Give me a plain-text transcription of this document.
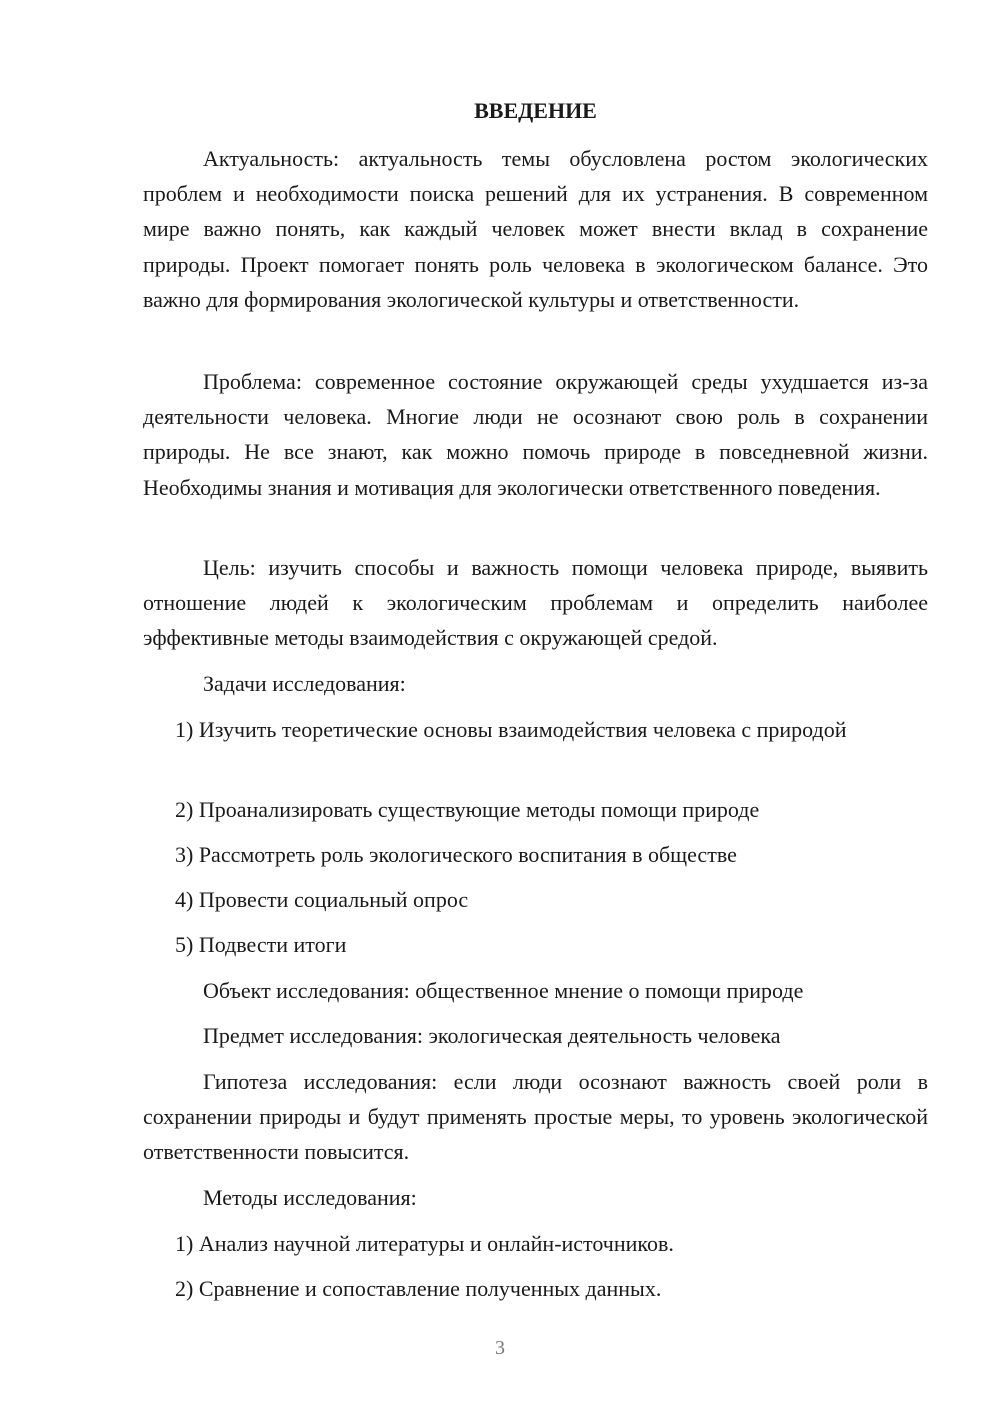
ВВЕДЕНИЕ

Актуальность: актуальность темы обусловлена ростом экологических проблем и необходимости поиска решений для их устранения. В современном мире важно понять, как каждый человек может внести вклад в сохранение природы. Проект помогает понять роль человека в экологическом балансе. Это важно для формирования экологической культуры и ответственности.

Проблема: современное состояние окружающей среды ухудшается из-за деятельности человека. Многие люди не осознают свою роль в сохранении природы. Не все знают, как можно помочь природе в повседневной жизни. Необходимы знания и мотивация для экологически ответственного поведения.

Цель: изучить способы и важность помощи человека природе, выявить отношение людей к экологическим проблемам и определить наиболее эффективные методы взаимодействия с окружающей средой.

Задачи исследования:

1) Изучить теоретические основы взаимодействия человека с природой

2) Проанализировать существующие методы помощи природе

3) Рассмотреть роль экологического воспитания в обществе

4) Провести социальный опрос

5) Подвести итоги

Объект исследования: общественное мнение о помощи природе

Предмет исследования: экологическая деятельность человека

Гипотеза исследования: если люди осознают важность своей роли в сохранении природы и будут применять простые меры, то уровень экологической ответственности повысится.

Методы исследования:

1) Анализ научной литературы и онлайн-источников.

2) Сравнение и сопоставление полученных данных.

3
